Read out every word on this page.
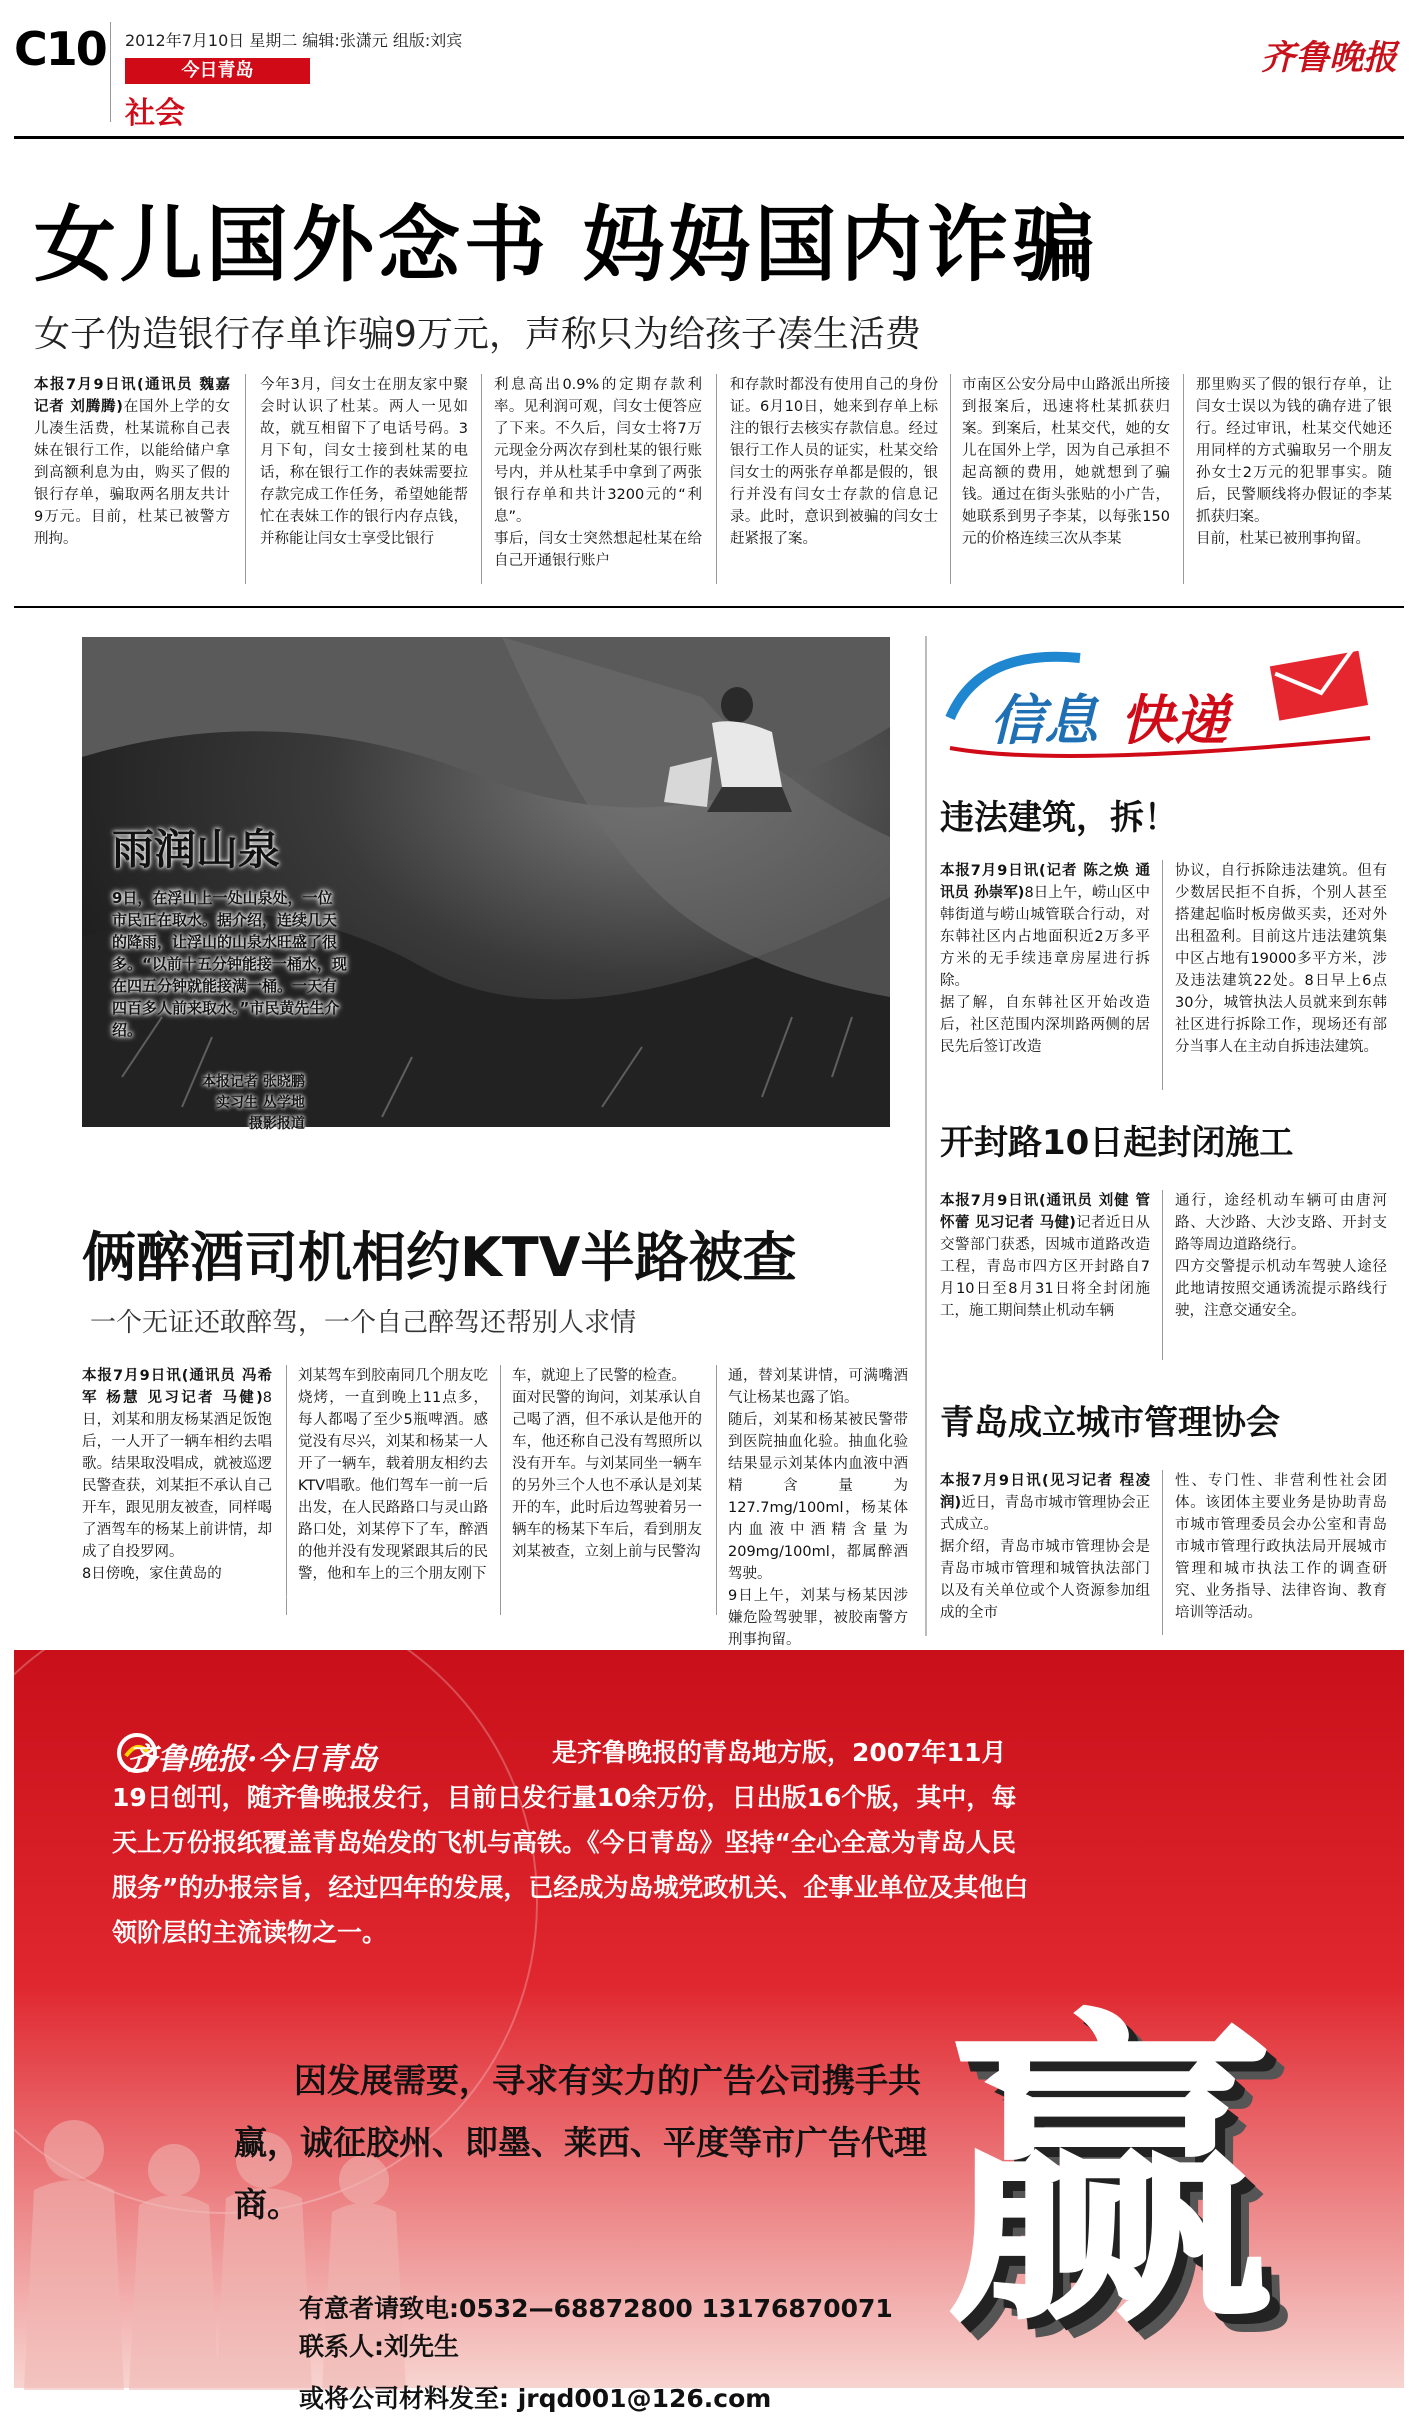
C10 2012年7月10日 星期二 编辑:张潇元 组版:刘宾
今日青岛
社会
齐鲁晚报
女儿国外念书 妈妈国内诈骗
女子伪造银行存单诈骗9万元，声称只为给孩子凑生活费
本报7月9日讯(通讯员 魏嘉 记者 刘腾腾)在国外上学的女儿凑生活费，杜某谎称自己表妹在银行工作，以能给储户拿到高额利息为由，购买了假的银行存单，骗取两名朋友共计9万元。目前，杜某已被警方刑拘。
今年3月，闫女士在朋友家中聚会时认识了杜某。两人一见如故，就互相留下了电话号码。3月下旬，闫女士接到杜某的电话，称在银行工作的表妹需要拉存款完成工作任务，希望她能帮忙在表妹工作的银行内存点钱，并称能让闫女士享受比银行
利息高出0.9%的定期存款利率。见利润可观，闫女士便答应了下来。不久后，闫女士将7万元现金分两次存到杜某的银行账号内，并从杜某手中拿到了两张银行存单和共计3200元的“利息”。
事后，闫女士突然想起杜某在给自己开通银行账户
和存款时都没有使用自己的身份证。6月10日，她来到存单上标注的银行去核实存款信息。经过银行工作人员的证实，杜某交给闫女士的两张存单都是假的，银行并没有闫女士存款的信息记录。此时，意识到被骗的闫女士赶紧报了案。
市南区公安分局中山路派出所接到报案后，迅速将杜某抓获归案。到案后，杜某交代，她的女儿在国外上学，因为自己承担不起高额的费用，她就想到了骗钱。通过在街头张贴的小广告，她联系到男子李某，以每张150元的价格连续三次从李某
那里购买了假的银行存单，让闫女士误以为钱的确存进了银行。经过审讯，杜某交代她还用同样的方式骗取另一个朋友孙女士2万元的犯罪事实。随后，民警顺线将办假证的李某抓获归案。
目前，杜某已被刑事拘留。
雨润山泉
9日，在浮山上一处山泉处，一位市民正在取水。据介绍，连续几天的降雨，让浮山的山泉水旺盛了很多。“以前十五分钟能接一桶水，现在四五分钟就能接满一桶。一天有四百多人前来取水。”市民黄先生介绍。
本报记者 张晓鹏
实习生 丛学地
摄影报道
俩醉酒司机相约KTV半路被查
一个无证还敢醉驾，一个自己醉驾还帮别人求情
本报7月9日讯(通讯员 冯希军 杨慧 见习记者 马健)8日，刘某和朋友杨某酒足饭饱后，一人开了一辆车相约去唱歌。结果取没唱成，就被巡逻民警查获，刘某拒不承认自己开车，跟见朋友被查，同样喝了酒驾车的杨某上前讲情，却成了自投罗网。
8日傍晚，家住黄岛的
刘某驾车到胶南同几个朋友吃烧烤，一直到晚上11点多，每人都喝了至少5瓶啤酒。感觉没有尽兴，刘某和杨某一人开了一辆车，载着朋友相约去KTV唱歌。他们驾车一前一后出发，在人民路路口与灵山路路口处，刘某停下了车，醉酒的他并没有发现紧跟其后的民警，他和车上的三个朋友刚下
车，就迎上了民警的检查。
面对民警的询问，刘某承认自己喝了酒，但不承认是他开的车，他还称自己没有驾照所以没有开车。与刘某同坐一辆车的另外三个人也不承认是刘某开的车，此时后边驾驶着另一辆车的杨某下车后，看到朋友刘某被查，立刻上前与民警沟
通，替刘某讲情，可满嘴酒气让杨某也露了馅。
随后，刘某和杨某被民警带到医院抽血化验。抽血化验结果显示刘某体内血液中酒精含量为127.7mg/100ml，杨某体内血液中酒精含量为209mg/100ml，都属醉酒驾驶。
9日上午，刘某与杨某因涉嫌危险驾驶罪，被胶南警方刑事拘留。
信息 快递
违法建筑，拆！
本报7月9日讯(记者 陈之焕 通讯员 孙崇军)8日上午，崂山区中韩街道与崂山城管联合行动，对东韩社区内占地面积近2万多平方米的无手续违章房屋进行拆除。
据了解，自东韩社区开始改造后，社区范围内深圳路两侧的居民先后签订改造
协议，自行拆除违法建筑。但有少数居民拒不自拆，个别人甚至搭建起临时板房做买卖，还对外出租盈利。目前这片违法建筑集中区占地有19000多平方米，涉及违法建筑22处。8日早上6点30分，城管执法人员就来到东韩社区进行拆除工作，现场还有部分当事人在主动自拆违法建筑。
开封路10日起封闭施工
本报7月9日讯(通讯员 刘健 管怀蕾 见习记者 马健)记者近日从交警部门获悉，因城市道路改造工程，青岛市四方区开封路自7月10日至8月31日将全封闭施工，施工期间禁止机动车辆
通行，途经机动车辆可由唐河路、大沙路、大沙支路、开封支路等周边道路绕行。
四方交警提示机动车驾驶人途径此地请按照交通诱流提示路线行驶，注意交通安全。
青岛成立城市管理协会
本报7月9日讯(见习记者 程凌润)近日，青岛市城市管理协会正式成立。
据介绍，青岛市城市管理协会是青岛市城市管理和城管执法部门以及有关单位或个人资源参加组成的全市
性、专门性、非营利性社会团体。该团体主要业务是协助青岛市城市管理委员会办公室和青岛市城市管理行政执法局开展城市管理和城市执法工作的调查研究、业务指导、法律咨询、教育培训等活动。
是齐鲁晚报的青岛地方版，2007年11月19日创刊，随齐鲁晚报发行，目前日发行量10余万份，日出版16个版，其中，每天上万份报纸覆盖青岛始发的飞机与高铁。《今日青岛》坚持“全心全意为青岛人民服务”的办报宗旨，经过四年的发展，已经成为岛城党政机关、企事业单位及其他白领阶层的主流读物之一。
齐鲁晚报·今日青岛
因发展需要，寻求有实力的广告公司携手共赢，诚征胶州、即墨、莱西、平度等市广告代理商。
有意者请致电:0532—68872800 13176870071
联系人:刘先生
或将公司材料发至: jrqd001@126.com
赢
